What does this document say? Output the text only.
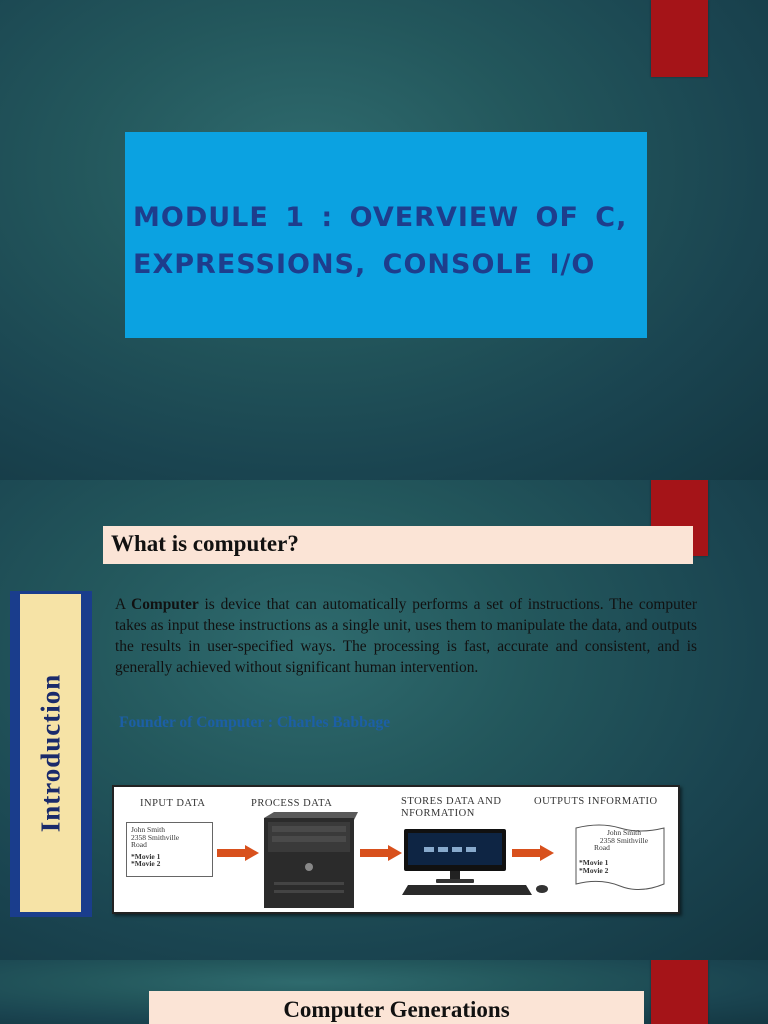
MODULE 1 : OVERVIEW OF C, EXPRESSIONS, CONSOLE I/O
What is computer?
Introduction

A Computer is device that can automatically performs a set of instructions. The computer takes as input these instructions as a single unit, uses them to manipulate the data, and outputs the results in user-specified ways. The processing is fast, accurate and consistent, and is generally achieved without significant human intervention.

Founder of Computer : Charles Babbage
INPUT DATA	PROCESS DATA	STORES DATA AND
NFORMATION
OUTPUTS INFORMATIO
John Smith
2358 Smithville
Road
*Movie 1
*Movie 2
John Smith
2358 Smithville
Road
*Movie 1
*Movie 2
Computer Generations
